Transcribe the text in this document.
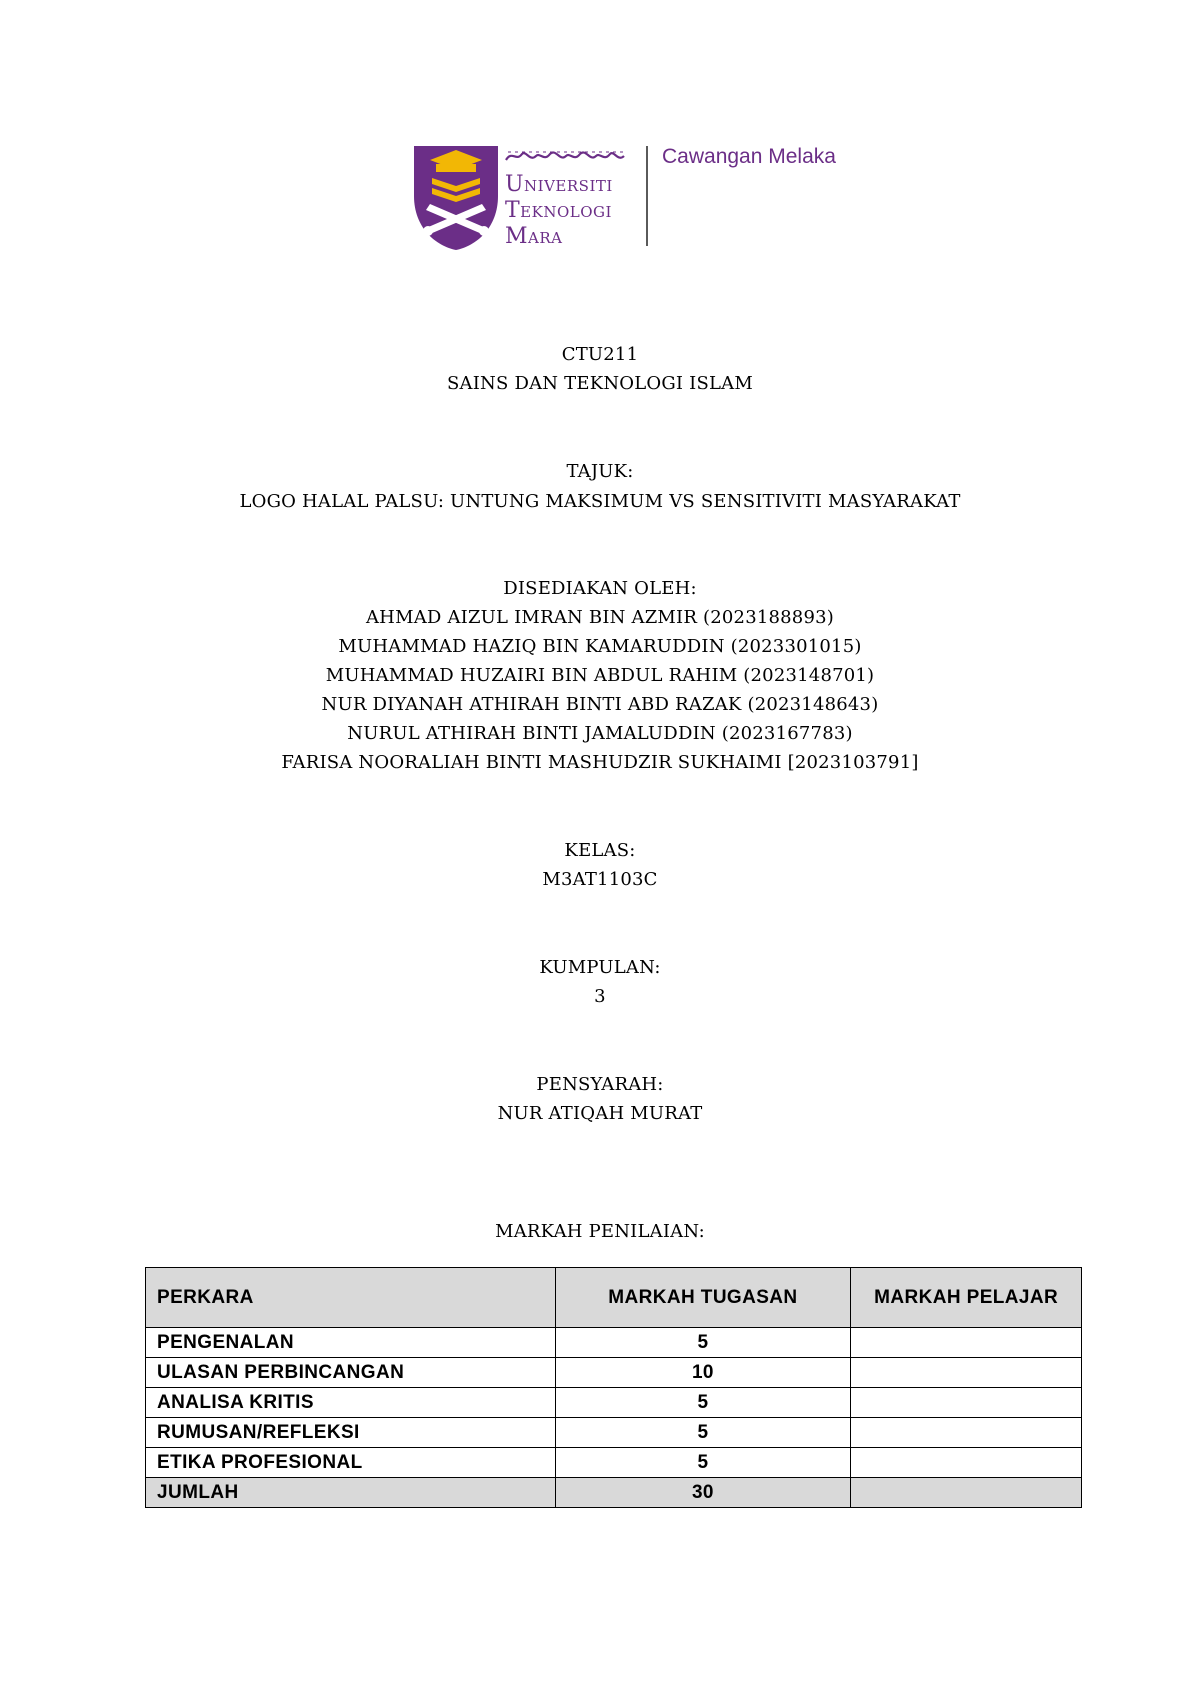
Universiti
Teknologi
Mara
Cawangan Melaka
CTU211
SAINS DAN TEKNOLOGI ISLAM
TAJUK:
LOGO HALAL PALSU: UNTUNG MAKSIMUM VS SENSITIVITI MASYARAKAT
DISEDIAKAN OLEH:
AHMAD AIZUL IMRAN BIN AZMIR (2023188893)
MUHAMMAD HAZIQ BIN KAMARUDDIN (2023301015)
MUHAMMAD HUZAIRI BIN ABDUL RAHIM (2023148701)
NUR DIYANAH ATHIRAH BINTI ABD RAZAK (2023148643)
NURUL ATHIRAH BINTI JAMALUDDIN (2023167783)
FARISA NOORALIAH BINTI MASHUDZIR SUKHAIMI [2023103791]
KELAS:
M3AT1103C
KUMPULAN:
3
PENSYARAH:
NUR ATIQAH MURAT
MARKAH PENILAIAN:
PERKARA	MARKAH TUGASAN	MARKAH PELAJAR
PENGENALAN	5	
ULASAN PERBINCANGAN	10	
ANALISA KRITIS	5	
RUMUSAN/REFLEKSI	5	
ETIKA PROFESIONAL	5	
JUMLAH	30	
